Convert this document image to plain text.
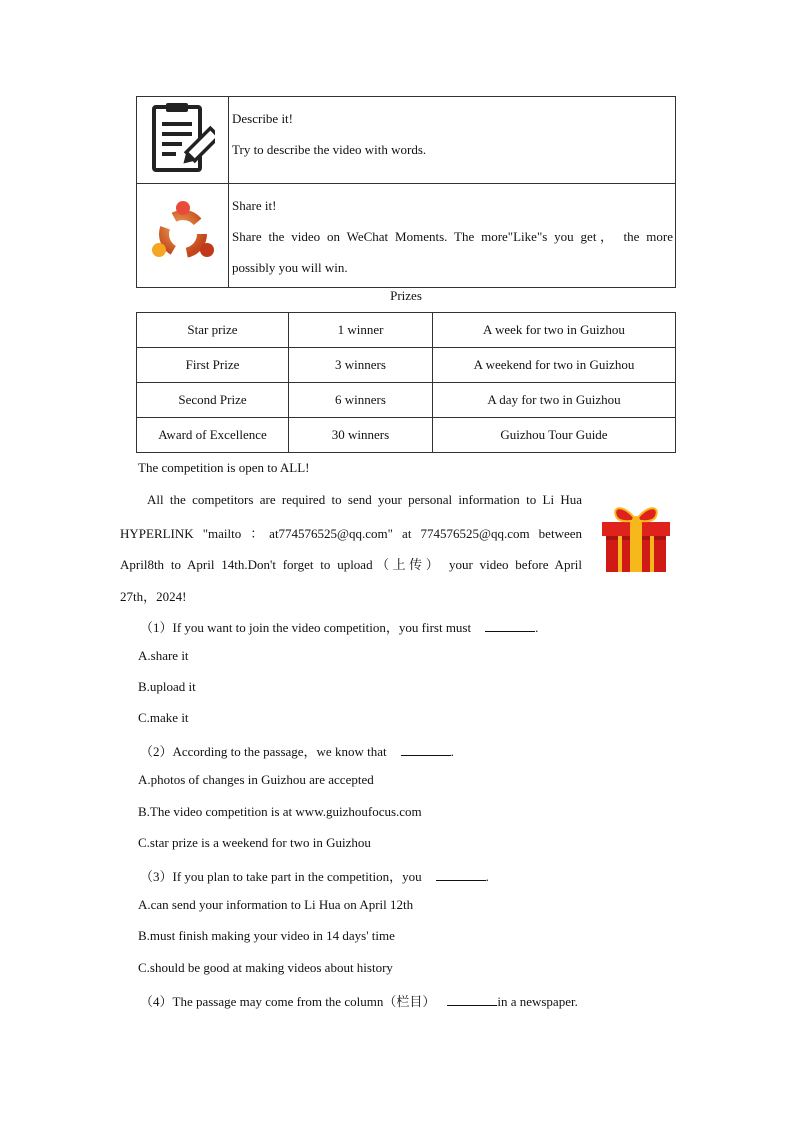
Describe it!
Try to describe the video with words.

Share it!
Share the video on WeChat Moments. The more"Like"s you get， the more
possibly you will win.
Prizes
Star prize	1 winner	A week for two in Guizhou
First Prize	3 winners	A weekend for two in Guizhou
Second Prize	6 winners	A day for two in Guizhou
Award of Excellence	30 winners	Guizhou Tour Guide
The competition is open to ALL!
All the competitors are required to send your personal information to Li Hua
HYPERLINK "mailto ：at774576525@qq.com" at 774576525@qq.com between
April8th to April 14th.Don't forget to upload（上传） your video before April
27th，2024!
（1）If you want to join the video competition，you first must	.
A.share it
B.upload it
C.make it
（2）According to the passage，we know that	.
A.photos of changes in Guizhou are accepted
B.The video competition is at www.guizhoufocus.com
C.star prize is a weekend for two in Guizhou
（3）If you plan to take part in the competition，you	.
A.can send your information to Li Hua on April 12th
B.must finish making your video in 14 days' time
C.should be good at making videos about history
（4）The passage may come from the column（栏目）	in a newspaper.
